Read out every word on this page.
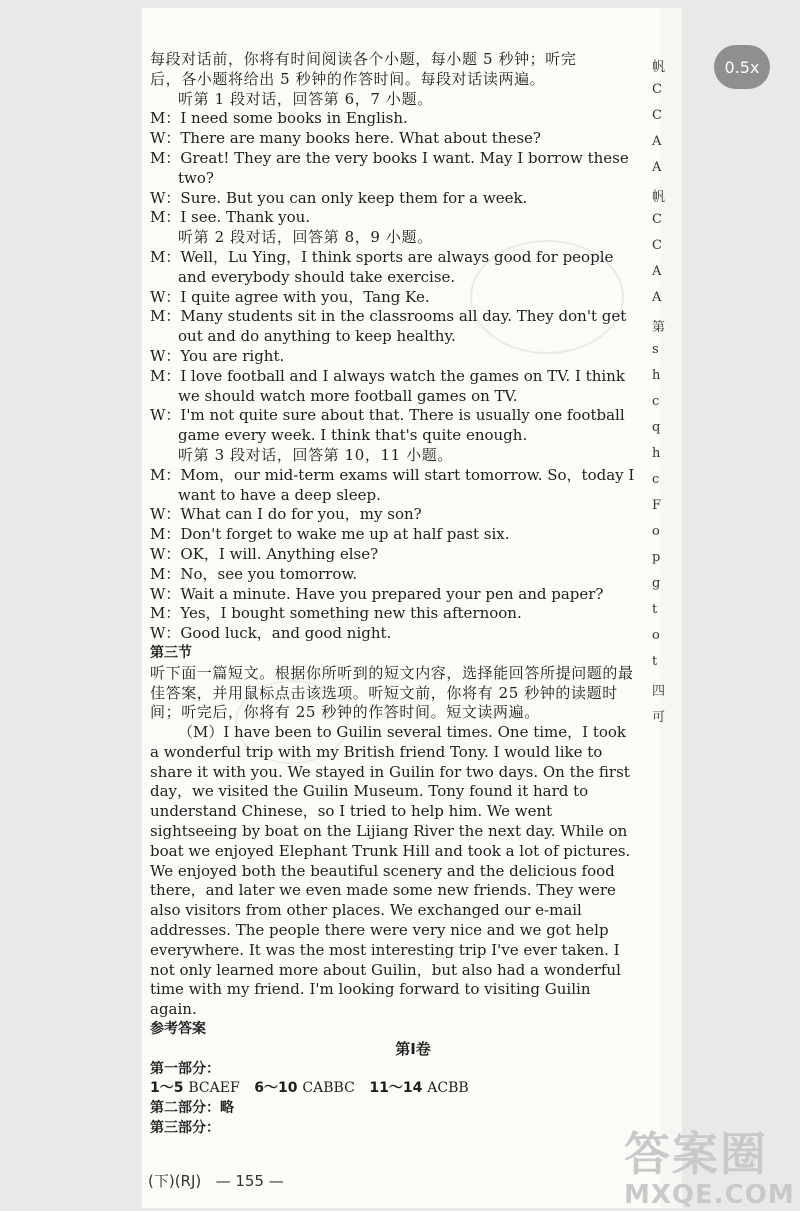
帆
C
C
A
A
帆
C
C
A
A
第
s
h
c
q
h
c
F
o
p
g
t
o
t
四
可
0.5x

每段对话前，你将有时间阅读各个小题，每小题 5 秒钟；听完

后，各小题将给出 5 秒钟的作答时间。每段对话读两遍。

听第 1 段对话，回答第 6，7 小题。

M：I need some books in English.

W：There are many books here. What about these?

M：Great! They are the very books I want. May I borrow these two?

W：Sure. But you can only keep them for a week.

M：I see. Thank you.

听第 2 段对话，回答第 8，9 小题。

M：Well，Lu Ying，I think sports are always good for people and everybody should take exercise.

W：I quite agree with you，Tang Ke.

M：Many students sit in the classrooms all day. They don't get out and do anything to keep healthy.

W：You are right.

M：I love football and I always watch the games on TV. I think we should watch more football games on TV.

W：I'm not quite sure about that. There is usually one football game every week. I think that's quite enough.

听第 3 段对话，回答第 10，11 小题。

M：Mom，our mid-term exams will start tomorrow. So，today I want to have a deep sleep.

W：What can I do for you，my son?

M：Don't forget to wake me up at half past six.

W：OK，I will. Anything else?

M：No，see you tomorrow.

W：Wait a minute. Have you prepared your pen and paper?

M：Yes，I bought something new this afternoon.

W：Good luck，and good night.

第三节

听下面一篇短文。根据你所听到的短文内容，选择能回答所提问题的最佳答案，并用鼠标点击该选项。听短文前，你将有 25 秒钟的读题时间；听完后，你将有 25 秒钟的作答时间。短文读两遍。

（M）I have been to Guilin several times. One time，I took a wonderful trip with my British friend Tony. I would like to share it with you. We stayed in Guilin for two days. On the first day，we visited the Guilin Museum. Tony found it hard to understand Chinese，so I tried to help him. We went sightseeing by boat on the Lijiang River the next day. While on boat we enjoyed Elephant Trunk Hill and took a lot of pictures. We enjoyed both the beautiful scenery and the delicious food there，and later we even made some new friends. They were also visitors from other places. We exchanged our e-mail addresses. The people there were very nice and we got help everywhere. It was the most interesting trip I've ever taken. I not only learned more about Guilin，but also had a wonderful time with my friend. I'm looking forward to visiting Guilin again.

参考答案

第Ⅰ卷

第一部分：
1～5 BCAEF 6～10 CABBC 11～14 ACBB

第二部分：略

第三部分：

(下)(RJ) — 155 —	答案圈
MXQE.COM
